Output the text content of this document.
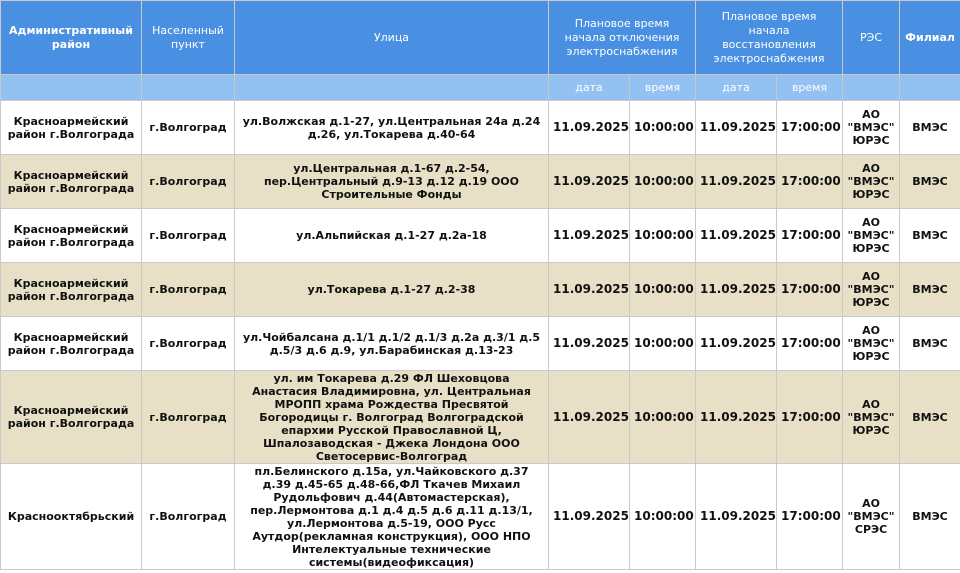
Административный район	Населенный пункт	Улица	Плановое время начала отключения электроснабжения		Плановое время начала восстановления электроснабжения		РЭС	Филиал
			дата	время	дата	время		
Красноармейский район г.Волгограда	г.Волгоград	ул.Волжская д.1-27, ул.Центральная 24а д.24 д.26, ул.Токарева д.40-64	11.09.2025	10:00:00	11.09.2025	17:00:00	АО "ВМЭС" ЮРЭС	ВМЭС
Красноармейский район г.Волгограда	г.Волгоград	ул.Центральная д.1-67 д.2-54, пер.Центральный д.9-13 д.12 д.19 ООО Строительные Фонды	11.09.2025	10:00:00	11.09.2025	17:00:00	АО "ВМЭС" ЮРЭС	ВМЭС
Красноармейский район г.Волгограда	г.Волгоград	ул.Альпийская д.1-27 д.2а-18	11.09.2025	10:00:00	11.09.2025	17:00:00	АО "ВМЭС" ЮРЭС	ВМЭС
Красноармейский район г.Волгограда	г.Волгоград	ул.Токарева д.1-27 д.2-38	11.09.2025	10:00:00	11.09.2025	17:00:00	АО "ВМЭС" ЮРЭС	ВМЭС
Красноармейский район г.Волгограда	г.Волгоград	ул.Чойбалсана д.1/1 д.1/2 д.1/3 д.2а д.3/1 д.5 д.5/3 д.6 д.9, ул.Барабинская д.13-23	11.09.2025	10:00:00	11.09.2025	17:00:00	АО "ВМЭС" ЮРЭС	ВМЭС
Красноармейский район г.Волгограда	г.Волгоград	ул. им Токарева д.29 ФЛ Шеховцова Анастасия Владимировна, ул. Центральная МРОПП храма Рождества Пресвятой Богородицы г. Волгоград Волгоградской епархии Русской Православной Ц, Шпалозаводская - Джека Лондона ООО Светосервис-Волгоград	11.09.2025	10:00:00	11.09.2025	17:00:00	АО "ВМЭС" ЮРЭС	ВМЭС
Краснооктябрьский	г.Волгоград	пл.Белинского д.15а, ул.Чайковского д.37 д.39 д.45-65 д.48-66,ФЛ Ткачев Михаил Рудольфович д.44(Автомастерская), пер.Лермонтова д.1 д.4 д.5 д.6 д.11 д.13/1, ул.Лермонтова д.5-19, ООО Русс Аутдор(рекламная конструкция), ООО НПО Интелектуальные технические системы(видеофиксация)	11.09.2025	10:00:00	11.09.2025	17:00:00	АО "ВМЭС" СРЭС	ВМЭС
